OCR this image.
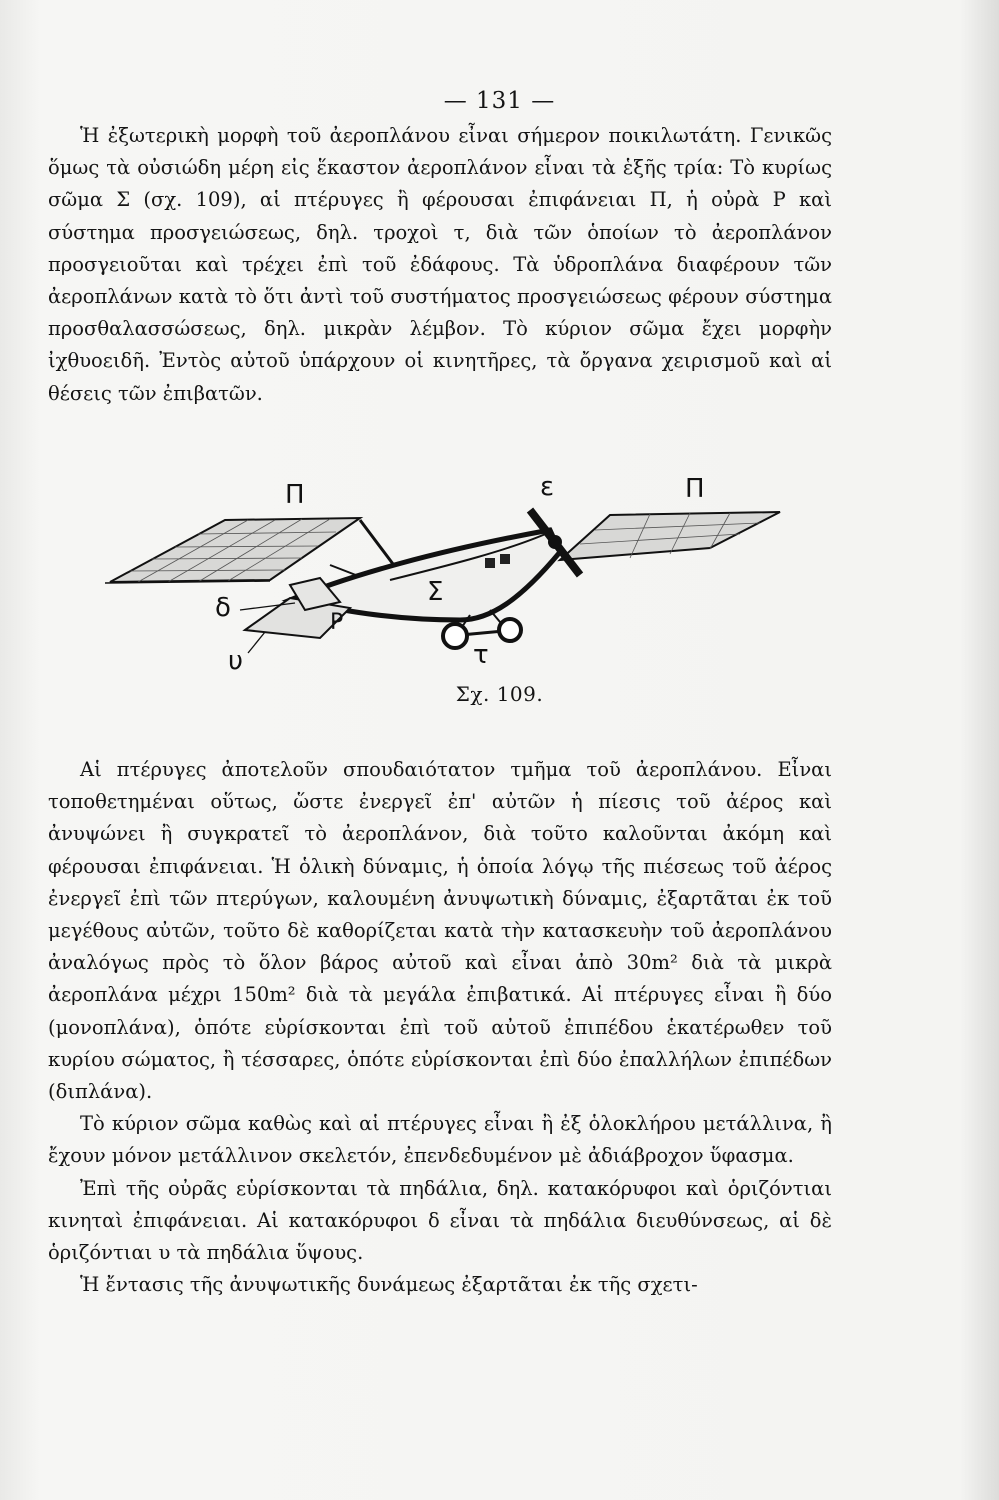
— 131 —

Ἡ ἐξωτερικὴ μορφὴ τοῦ ἀεροπλάνου εἶναι σήμερον ποικιλωτάτη. Γενικῶς ὅμως τὰ οὐσιώδη μέρη εἰς ἕκαστον ἀεροπλάνον εἶναι τὰ ἑξῆς τρία: Τὸ κυρίως σῶμα Σ (σχ. 109), αἱ πτέρυγες ἢ φέρουσαι ἐπιφάνειαι Π, ἡ οὐρὰ Ρ καὶ σύστημα προσγειώσεως, δηλ. τροχοὶ τ, διὰ τῶν ὁποίων τὸ ἀεροπλάνον προσγειοῦται καὶ τρέχει ἐπὶ τοῦ ἐδάφους. Τὰ ὑδροπλάνα διαφέρουν τῶν ἀεροπλάνων κατὰ τὸ ὅτι ἀντὶ τοῦ συστήματος προσγειώσεως φέρουν σύστημα προσθαλασσώσεως, δηλ. μικρὰν λέμβον. Τὸ κύριον σῶμα ἔχει μορφὴν ἰχθυοειδῆ. Ἐντὸς αὐτοῦ ὑπάρχουν οἱ κινητῆρες, τὰ ὄργανα χειρισμοῦ καὶ αἱ θέσεις τῶν ἐπιβατῶν.

Π	ε	Π
Σ
Ρ
δ
υ	τ
Σχ. 109.

Αἱ πτέρυγες ἀποτελοῦν σπουδαιότατον τμῆμα τοῦ ἀεροπλάνου. Εἶναι τοποθετημέναι οὕτως, ὥστε ἐνεργεῖ ἐπ' αὐτῶν ἡ πίεσις τοῦ ἀέρος καὶ ἀνυψώνει ἢ συγκρατεῖ τὸ ἀεροπλάνον, διὰ τοῦτο καλοῦνται ἀκόμη καὶ φέρουσαι ἐπιφάνειαι. Ἡ ὁλικὴ δύναμις, ἡ ὁποία λόγῳ τῆς πιέσεως τοῦ ἀέρος ἐνεργεῖ ἐπὶ τῶν πτερύγων, καλουμένη ἀνυψωτικὴ δύναμις, ἐξαρτᾶται ἐκ τοῦ μεγέθους αὐτῶν, τοῦτο δὲ καθορίζεται κατὰ τὴν κατασκευὴν τοῦ ἀεροπλάνου ἀναλόγως πρὸς τὸ ὅλον βάρος αὐτοῦ καὶ εἶναι ἀπὸ 30m² διὰ τὰ μικρὰ ἀεροπλάνα μέχρι 150m² διὰ τὰ μεγάλα ἐπιβατικά. Αἱ πτέρυγες εἶναι ἢ δύο (μονοπλάνα), ὁπότε εὑρίσκονται ἐπὶ τοῦ αὐτοῦ ἐπιπέδου ἑκατέρωθεν τοῦ κυρίου σώματος, ἢ τέσσαρες, ὁπότε εὑρίσκονται ἐπὶ δύο ἐπαλλήλων ἐπιπέδων (διπλάνα).

Τὸ κύριον σῶμα καθὼς καὶ αἱ πτέρυγες εἶναι ἢ ἐξ ὁλοκλήρου μετάλλινα, ἢ ἔχουν μόνον μετάλλινον σκελετόν, ἐπενδεδυμένον μὲ ἀδιάβροχον ὕφασμα.

Ἐπὶ τῆς οὐρᾶς εὑρίσκονται τὰ πηδάλια, δηλ. κατακόρυφοι καὶ ὁριζόντιαι κινηταὶ ἐπιφάνειαι. Αἱ κατακόρυφοι δ εἶναι τὰ πηδάλια διευθύνσεως, αἱ δὲ ὁριζόντιαι υ τὰ πηδάλια ὕψους.

Ἡ ἔντασις τῆς ἀνυψωτικῆς δυνάμεως ἐξαρτᾶται ἐκ τῆς σχετι-
